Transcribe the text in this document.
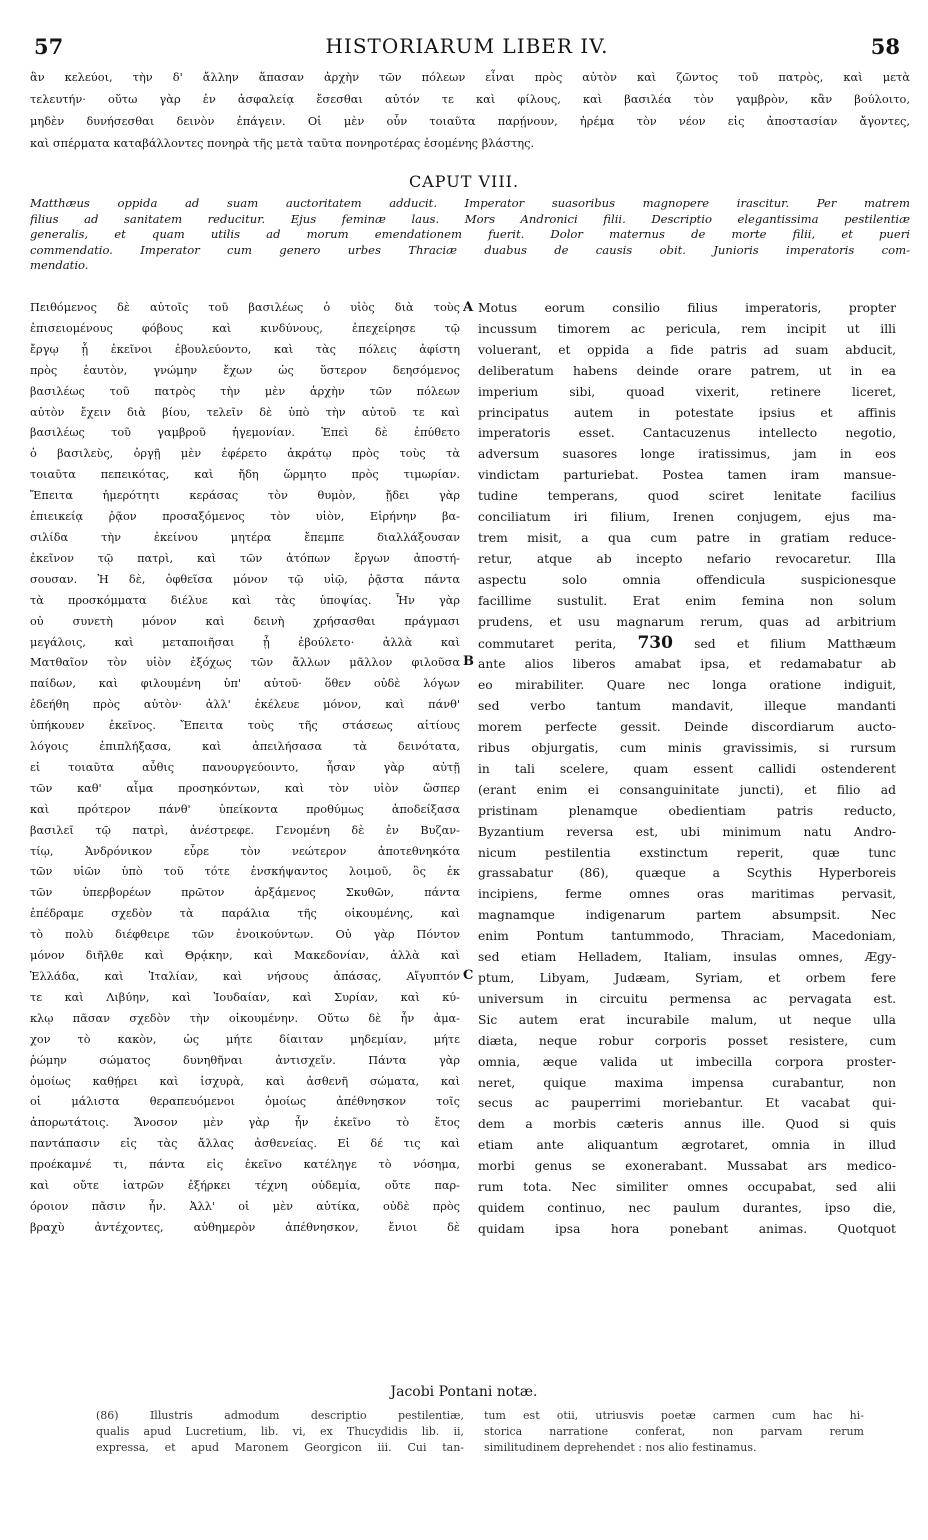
57	HISTORIARUM LIBER IV.	58
ἂν κελεύοι, τὴν δ' ἄλλην ἅπασαν ἀρχὴν τῶν πόλεων εἶναι πρὸς αὐτὸν καὶ ζῶντος τοῦ πατρὸς, καὶ μετὰ
τελευτήν· οὕτω γὰρ ἐν ἀσφαλείᾳ ἔσεσθαι αὐτόν τε καὶ φίλους, καὶ βασιλέα τὸν γαμβρὸν, κἂν βούλοιτο,
μηδὲν δυνήσεσθαι δεινὸν ἐπάγειν. Οἱ μὲν οὖν τοιαῦτα παρῄνουν, ἠρέμα τὸν νέον εἰς ἀποστασίαν ἄγοντες,
καὶ σπέρματα καταβάλλοντες πονηρὰ τῆς μετὰ ταῦτα πονηροτέρας ἐσομένης βλάστης.
CAPUT VIII.
Matthæus oppida ad suam auctoritatem adducit. Imperator suasoribus magnopere irascitur. Per matrem
filius ad sanitatem reducitur. Ejus feminæ laus. Mors Andronici filii. Descriptio elegantissima pestilentiæ
generalis, et quam utilis ad morum emendationem fuerit. Dolor maternus de morte filii, et pueri
commendatio. Imperator cum genero urbes Thraciæ duabus de causis obit. Junioris imperatoris com-
mendatio.
Πειθόμενος δὲ αὐτοῖς τοῦ βασιλέως ὁ υἱὸς διὰ τοὺς
ἐπισειομένους φόβους καὶ κινδύνους, ἐπεχείρησε τῷ
ἔργῳ ᾗ ἐκεῖνοι ἐβουλεύοντο, καὶ τὰς πόλεις ἀφίστη
πρὸς ἑαυτὸν, γνώμην ἔχων ὡς ὕστερον δεησόμενος
βασιλέως τοῦ πατρὸς τὴν μὲν ἀρχὴν τῶν πόλεων
αὐτὸν ἔχειν διὰ βίου, τελεῖν δὲ ὑπὸ τὴν αὐτοῦ τε καὶ
βασιλέως τοῦ γαμβροῦ ἡγεμονίαν. Ἐπεὶ δὲ ἐπύθετο
ὁ βασιλεὺς, ὀργῇ μὲν ἐφέρετο ἀκράτῳ πρὸς τοὺς τὰ
τοιαῦτα πεπεικότας, καὶ ἤδη ὥρμητο πρὸς τιμωρίαν.
Ἔπειτα ἡμερότητι κεράσας τὸν θυμὸν, ᾔδει γὰρ
ἐπιεικείᾳ ῥᾷον προσαξόμενος τὸν υἱὸν, Εἰρήνην βα-
σιλίδα τὴν ἐκείνου μητέρα ἔπεμπε διαλλάξουσαν
ἐκεῖνον τῷ πατρὶ, καὶ τῶν ἀτόπων ἔργων ἀποστή-
σουσαν. Ἡ δὲ, ὀφθεῖσα μόνον τῷ υἱῷ, ῥᾷστα πάντα
τὰ προσκόμματα διέλυε καὶ τὰς ὑποψίας. Ἦν γὰρ
οὐ συνετὴ μόνον καὶ δεινὴ χρήσασθαι πράγμασι
μεγάλοις, καὶ μεταποιῆσαι ᾗ ἐβούλετο· ἀλλὰ καὶ
Ματθαῖον τὸν υἱὸν ἐξόχως τῶν ἄλλων μᾶλλον φιλοῦσα
παίδων, καὶ φιλουμένη ὑπ' αὐτοῦ· ὅθεν οὐδὲ λόγων
ἐδεήθη πρὸς αὐτὸν· ἀλλ' ἐκέλευε μόνον, καὶ πάνθ'
ὑπήκουεν ἐκεῖνος. Ἔπειτα τοὺς τῆς στάσεως αἰτίους
λόγοις ἐπιπλήξασα, καὶ ἀπειλήσασα τὰ δεινότατα,
εἰ τοιαῦτα αὖθις πανουργεύοιντο, ἦσαν γὰρ αὐτῇ
τῶν καθ' αἷμα προσηκόντων, καὶ τὸν υἱὸν ὥσπερ
καὶ πρότερον πάνθ' ὑπείκοντα προθύμως ἀποδείξασα
βασιλεῖ τῷ πατρὶ, ἀνέστρεφε. Γενομένη δὲ ἐν Βυζαν-
τίῳ, Ἀνδρόνικον εὗρε τὸν νεώτερον ἀποτεθνηκότα
τῶν υἱῶν ὑπὸ τοῦ τότε ἐνσκήψαντος λοιμοῦ, ὃς ἐκ
τῶν ὑπερβορέων πρῶτον ἀρξάμενος Σκυθῶν, πάντα
ἐπέδραμε σχεδὸν τὰ παράλια τῆς οἰκουμένης, καὶ
τὸ πολὺ διέφθειρε τῶν ἐνοικούντων. Οὐ γὰρ Πόντον
μόνον διῆλθε καὶ Θρᾴκην, καὶ Μακεδονίαν, ἀλλὰ καὶ
Ἑλλάδα, καὶ Ἰταλίαν, καὶ νήσους ἁπάσας, Αἴγυπτόν
τε καὶ Λιβύην, καὶ Ἰουδαίαν, καὶ Συρίαν, καὶ κύ-
κλῳ πᾶσαν σχεδὸν τὴν οἰκουμένην. Οὕτω δὲ ἦν ἀμα-
χον τὸ κακὸν, ὡς μήτε δίαιταν μηδεμίαν, μήτε
ῥώμην σώματος δυνηθῆναι ἀντισχεῖν. Πάντα γὰρ
ὁμοίως καθῄρει καὶ ἰσχυρὰ, καὶ ἀσθενῆ σώματα, καὶ
οἱ μάλιστα θεραπευόμενοι ὁμοίως ἀπέθνησκον τοῖς
ἀπορωτάτοις. Ἄνοσον μὲν γὰρ ἦν ἐκεῖνο τὸ ἔτος
παντάπασιν εἰς τὰς ἄλλας ἀσθενείας. Εἰ δέ τις καὶ
προέκαμνέ τι, πάντα εἰς ἐκεῖνο κατέληγε τὸ νόσημα,
καὶ οὔτε ἰατρῶν ἐξήρκει τέχνη οὐδεμία, οὔτε παρ-
όροιον πᾶσιν ἦν. Ἀλλ' οἱ μὲν αὐτίκα, οὐδὲ πρὸς
βραχὺ ἀντέχοντες, αὐθημερὸν ἀπέθνησκον, ἔνιοι δὲ
Motus eorum consilio filius imperatoris, propter
incussum timorem ac pericula, rem incipit ut illi
voluerant, et oppida a fide patris ad suam abducit,
deliberatum habens deinde orare patrem, ut in ea
imperium sibi, quoad vixerit, retinere liceret,
principatus autem in potestate ipsius et affinis
imperatoris esset. Cantacuzenus intellecto negotio,
adversum suasores longe iratissimus, jam in eos
vindictam parturiebat. Postea tamen iram mansue-
tudine temperans, quod sciret lenitate facilius
conciliatum iri filium, Irenen conjugem, ejus ma-
trem misit, a qua cum patre in gratiam reduce-
retur, atque ab incepto nefario revocaretur. Illa
aspectu solo omnia offendicula suspicionesque
facillime sustulit. Erat enim femina non solum
prudens, et usu magnarum rerum, quas ad arbitrium
commutaret perita, 730 sed et filium Matthæum
ante alios liberos amabat ipsa, et redamabatur ab
eo mirabiliter. Quare nec longa oratione indiguit,
sed verbo tantum mandavit, illeque mandanti
morem perfecte gessit. Deinde discordiarum aucto-
ribus objurgatis, cum minis gravissimis, si rursum
in tali scelere, quam essent callidi ostenderent
(erant enim ei consanguinitate juncti), et filio ad
pristinam plenamque obedientiam patris reducto,
Byzantium reversa est, ubi minimum natu Andro-
nicum pestilentia exstinctum reperit, quæ tunc
grassabatur (86), quæque a Scythis Hyperboreis
incipiens, ferme omnes oras maritimas pervasit,
magnamque indigenarum partem absumpsit. Nec
enim Pontum tantummodo, Thraciam, Macedoniam,
sed etiam Helladem, Italiam, insulas omnes, Ægy-
ptum, Libyam, Judæam, Syriam, et orbem fere
universum in circuitu permensa ac pervagata est.
Sic autem erat incurabile malum, ut neque ulla
diæta, neque robur corporis posset resistere, cum
omnia, æque valida ut imbecilla corpora proster-
neret, quique maxima impensa curabantur, non
secus ac pauperrimi moriebantur. Et vacabat qui-
dem a morbis cæteris annus ille. Quod si quis
etiam ante aliquantum ægrotaret, omnia in illud
morbi genus se exonerabant. Mussabat ars medico-
rum tota. Nec similiter omnes occupabat, sed alii
quidem continuo, nec paulum durantes, ipso die,
quidam ipsa hora ponebant animas. Quotquot
A
B
C
Jacobi Pontani notæ.
(86) Illustris admodum descriptio pestilentiæ,
qualis apud Lucretium, lib. vi, ex Thucydidis lib. ii,
expressa, et apud Maronem Georgicon iii. Cui tan-
tum est otii, utriusvis poetæ carmen cum hac hi-
storica narratione conferat, non parvam rerum
similitudinem deprehendet : nos alio festinamus.
